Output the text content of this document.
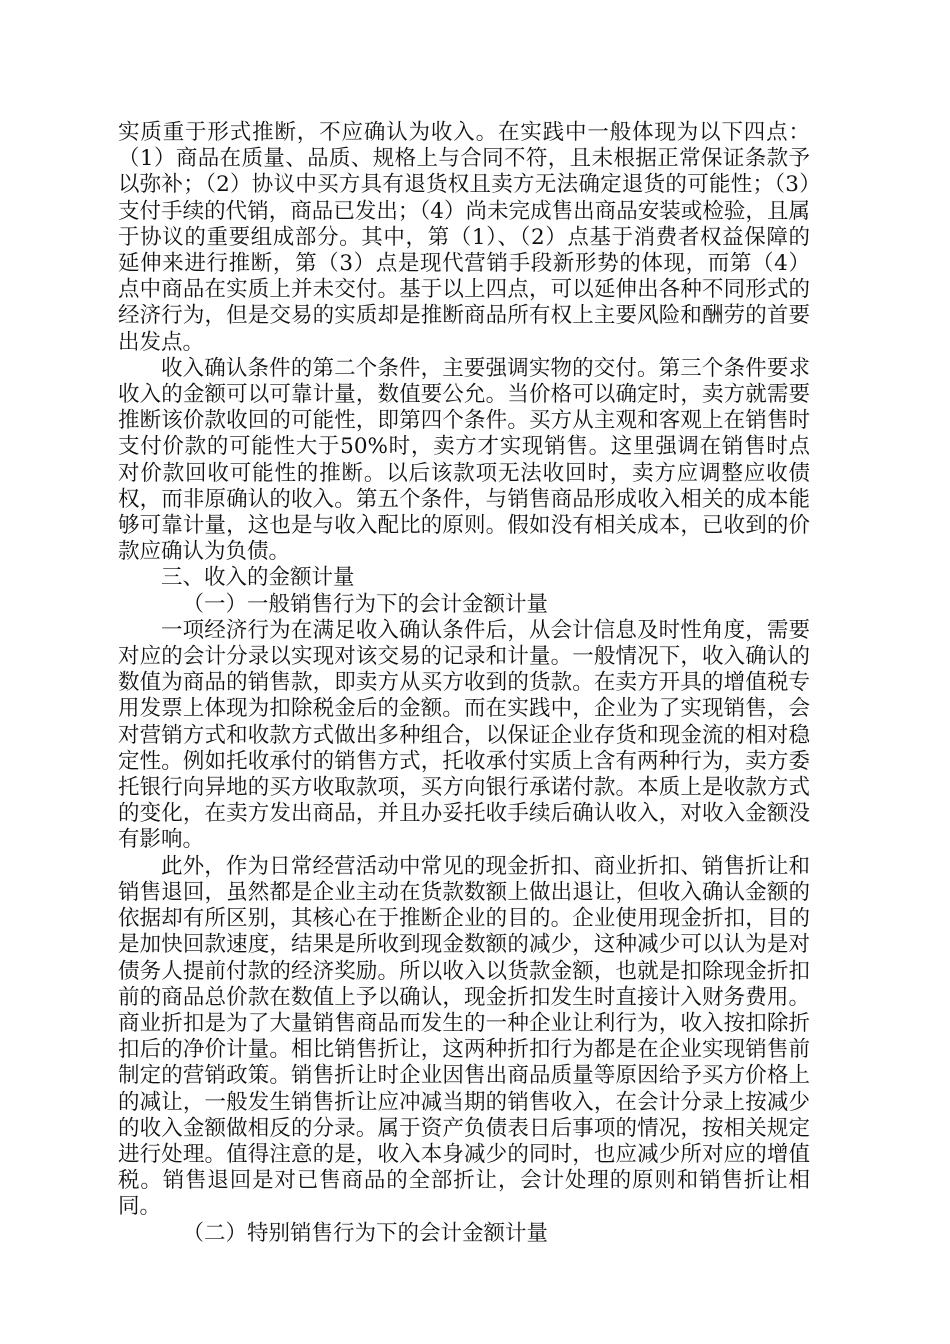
实质重于形式推断，不应确认为收入。在实践中一般体现为以下四点：（1）商品在质量、品质、规格上与合同不符，且未根据正常保证条款予以弥补；（2）协议中买方具有退货权且卖方无法确定退货的可能性；（3）支付手续的代销，商品已发出；（4）尚未完成售出商品安装或检验，且属于协议的重要组成部分。其中，第（1）、（2）点基于消费者权益保障的延伸来进行推断，第（3）点是现代营销手段新形势的体现，而第（4）点中商品在实质上并未交付。基于以上四点，可以延伸出各种不同形式的经济行为，但是交易的实质却是推断商品所有权上主要风险和酬劳的首要出发点。

收入确认条件的第二个条件，主要强调实物的交付。第三个条件要求收入的金额可以可靠计量，数值要公允。当价格可以确定时，卖方就需要推断该价款收回的可能性，即第四个条件。买方从主观和客观上在销售时支付价款的可能性大于50%时，卖方才实现销售。这里强调在销售时点对价款回收可能性的推断。以后该款项无法收回时，卖方应调整应收债权，而非原确认的收入。第五个条件，与销售商品形成收入相关的成本能够可靠计量，这也是与收入配比的原则。假如没有相关成本，已收到的价款应确认为负债。

三、收入的金额计量

（一）一般销售行为下的会计金额计量

一项经济行为在满足收入确认条件后，从会计信息及时性角度，需要对应的会计分录以实现对该交易的记录和计量。一般情况下，收入确认的数值为商品的销售款，即卖方从买方收到的货款。在卖方开具的增值税专用发票上体现为扣除税金后的金额。而在实践中，企业为了实现销售，会对营销方式和收款方式做出多种组合，以保证企业存货和现金流的相对稳定性。例如托收承付的销售方式，托收承付实质上含有两种行为，卖方委托银行向异地的买方收取款项，买方向银行承诺付款。本质上是收款方式的变化，在卖方发出商品，并且办妥托收手续后确认收入，对收入金额没有影响。

此外，作为日常经营活动中常见的现金折扣、商业折扣、销售折让和销售退回，虽然都是企业主动在货款数额上做出退让，但收入确认金额的依据却有所区别，其核心在于推断企业的目的。企业使用现金折扣，目的是加快回款速度，结果是所收到现金数额的减少，这种减少可以认为是对债务人提前付款的经济奖励。所以收入以货款金额，也就是扣除现金折扣前的商品总价款在数值上予以确认，现金折扣发生时直接计入财务费用。商业折扣是为了大量销售商品而发生的一种企业让利行为，收入按扣除折扣后的净价计量。相比销售折让，这两种折扣行为都是在企业实现销售前制定的营销政策。销售折让时企业因售出商品质量等原因给予买方价格上的减让，一般发生销售折让应冲减当期的销售收入，在会计分录上按减少的收入金额做相反的分录。属于资产负债表日后事项的情况，按相关规定进行处理。值得注意的是，收入本身减少的同时，也应减少所对应的增值税。销售退回是对已售商品的全部折让，会计处理的原则和销售折让相同。

（二）特别销售行为下的会计金额计量
